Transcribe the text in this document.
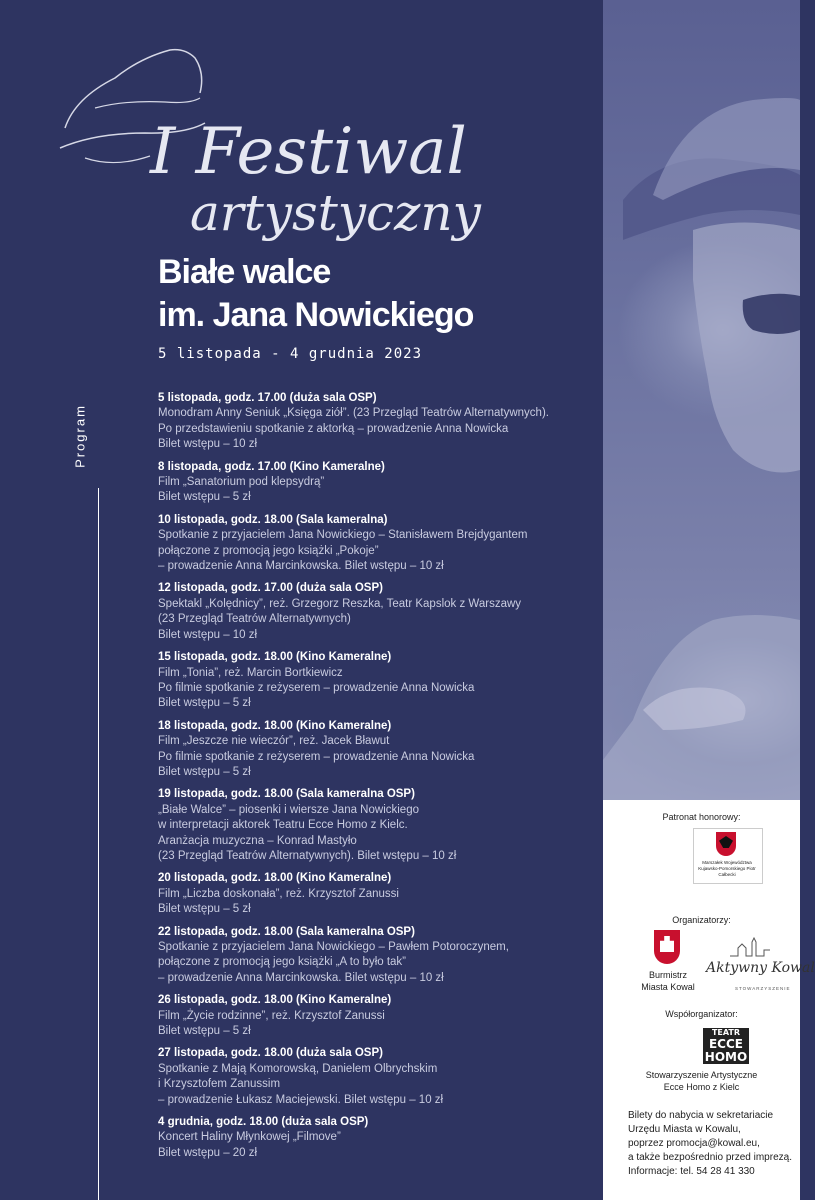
I Festiwal
artystyczny
Białe walce
im. Jana Nowickiego
5 listopada - 4 grudnia 2023
Program
5 listopada, godz. 17.00 (duża sala OSP)
Monodram Anny Seniuk „Księga ziół”. (23 Przegląd Teatrów Alternatywnych).
Po przedstawieniu spotkanie z aktorką – prowadzenie Anna Nowicka
Bilet wstępu – 10 zł
8 listopada, godz. 17.00 (Kino Kameralne)
Film „Sanatorium pod klepsydrą”
Bilet wstępu – 5 zł
10 listopada, godz. 18.00 (Sala kameralna)
Spotkanie z przyjacielem Jana Nowickiego – Stanisławem Brejdygantem
połączone z promocją jego książki „Pokoje”
– prowadzenie Anna Marcinkowska. Bilet wstępu – 10 zł
12 listopada, godz. 17.00 (duża sala OSP)
Spektakl „Kolędnicy”, reż. Grzegorz Reszka, Teatr Kapslok z Warszawy
(23 Przegląd Teatrów Alternatywnych)
Bilet wstępu – 10 zł
15 listopada, godz. 18.00 (Kino Kameralne)
Film „Tonia”, reż. Marcin Bortkiewicz
Po filmie spotkanie z reżyserem – prowadzenie Anna Nowicka
Bilet wstępu – 5 zł
18 listopada, godz. 18.00 (Kino Kameralne)
Film „Jeszcze nie wieczór”, reż. Jacek Bławut
Po filmie spotkanie z reżyserem – prowadzenie Anna Nowicka
Bilet wstępu – 5 zł
19 listopada, godz. 18.00 (Sala kameralna OSP)
„Białe Walce” – piosenki i wiersze Jana Nowickiego
w interpretacji aktorek Teatru Ecce Homo z Kielc.
Aranżacja muzyczna – Konrad Mastyło
(23 Przegląd Teatrów Alternatywnych). Bilet wstępu – 10 zł
20 listopada, godz. 18.00 (Kino Kameralne)
Film „Liczba doskonała”, reż. Krzysztof Zanussi
Bilet wstępu – 5 zł
22 listopada, godz. 18.00 (Sala kameralna OSP)
Spotkanie z przyjacielem Jana Nowickiego – Pawłem Potoroczynem,
połączone z promocją jego książki „A to było tak”
– prowadzenie Anna Marcinkowska. Bilet wstępu – 10 zł
26 listopada, godz. 18.00 (Kino Kameralne)
Film „Życie rodzinne”, reż. Krzysztof Zanussi
Bilet wstępu – 5 zł
27 listopada, godz. 18.00 (duża sala OSP)
Spotkanie z Mają Komorowską, Danielem Olbrychskim
i Krzysztofem Zanussim
– prowadzenie Łukasz Maciejewski. Bilet wstępu – 10 zł
4 grudnia, godz. 18.00 (duża sala OSP)
Koncert Haliny Młynkowej „Filmove”
Bilet wstępu – 20 zł
Patronat honorowy:
Marszałek Województwa Kujawsko-Pomorskiego Piotr Całbecki
Organizatorzy:
Burmistrz
Miasta Kowal
Aktywny Kowal
STOWARZYSZENIE
Współorganizator:
TEATR
ECCE
HOMO
Stowarzyszenie Artystyczne
Ecce Homo z Kielc
Bilety do nabycia w sekretariacie
Urzędu Miasta w Kowalu,
poprzez promocja@kowal.eu,
a także bezpośrednio przed imprezą.
Informacje: tel. 54 28 41 330
